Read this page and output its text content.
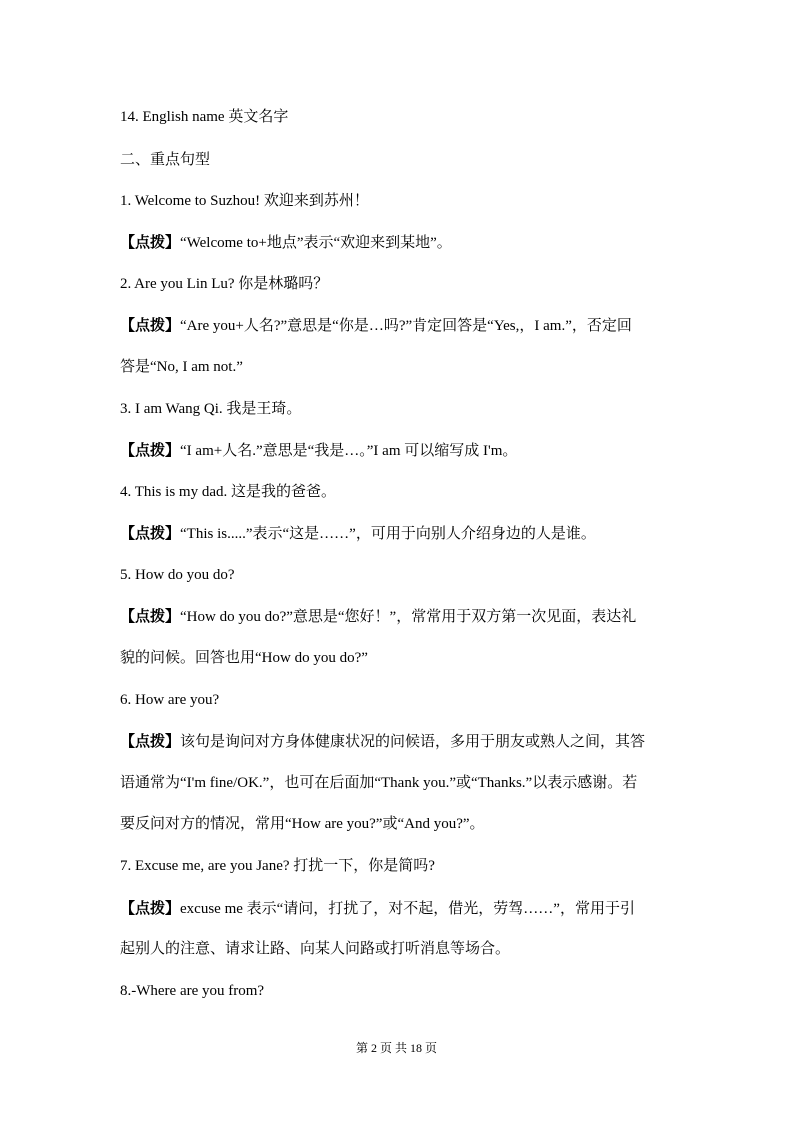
14. English name 英文名字
二、重点句型
1. Welcome to Suzhou! 欢迎来到苏州！
【点拨】“Welcome to+地点”表示“欢迎来到某地”。
2. Are you Lin Lu? 你是林璐吗？
【点拨】“Are you+人名?”意思是“你是…吗?”肯定回答是“Yes,，I am.”，否定回
答是“No, I am not.”
3. I am Wang Qi. 我是王琦。
【点拨】“I am+人名.”意思是“我是…。”I am 可以缩写成 I'm。
4. This is my dad. 这是我的爸爸。
【点拨】“This is.....”表示“这是……”，可用于向别人介绍身边的人是谁。
5. How do you do?
【点拨】“How do you do?”意思是“您好！”，常常用于双方第一次见面，表达礼
貌的问候。回答也用“How do you do?”
6. How are you?
【点拨】该句是询问对方身体健康状况的问候语，多用于朋友或熟人之间，其答
语通常为“I'm fine/OK.”，也可在后面加“Thank you.”或“Thanks.”以表示感谢。若
要反问对方的情况，常用“How are you?”或“And you?”。
7. Excuse me, are you Jane? 打扰一下，你是简吗?
【点拨】excuse me 表示“请问，打扰了，对不起，借光，劳驾……”，常用于引
起别人的注意、请求让路、向某人问路或打听消息等场合。
8.-Where are you from?
第 2 页 共 18 页
